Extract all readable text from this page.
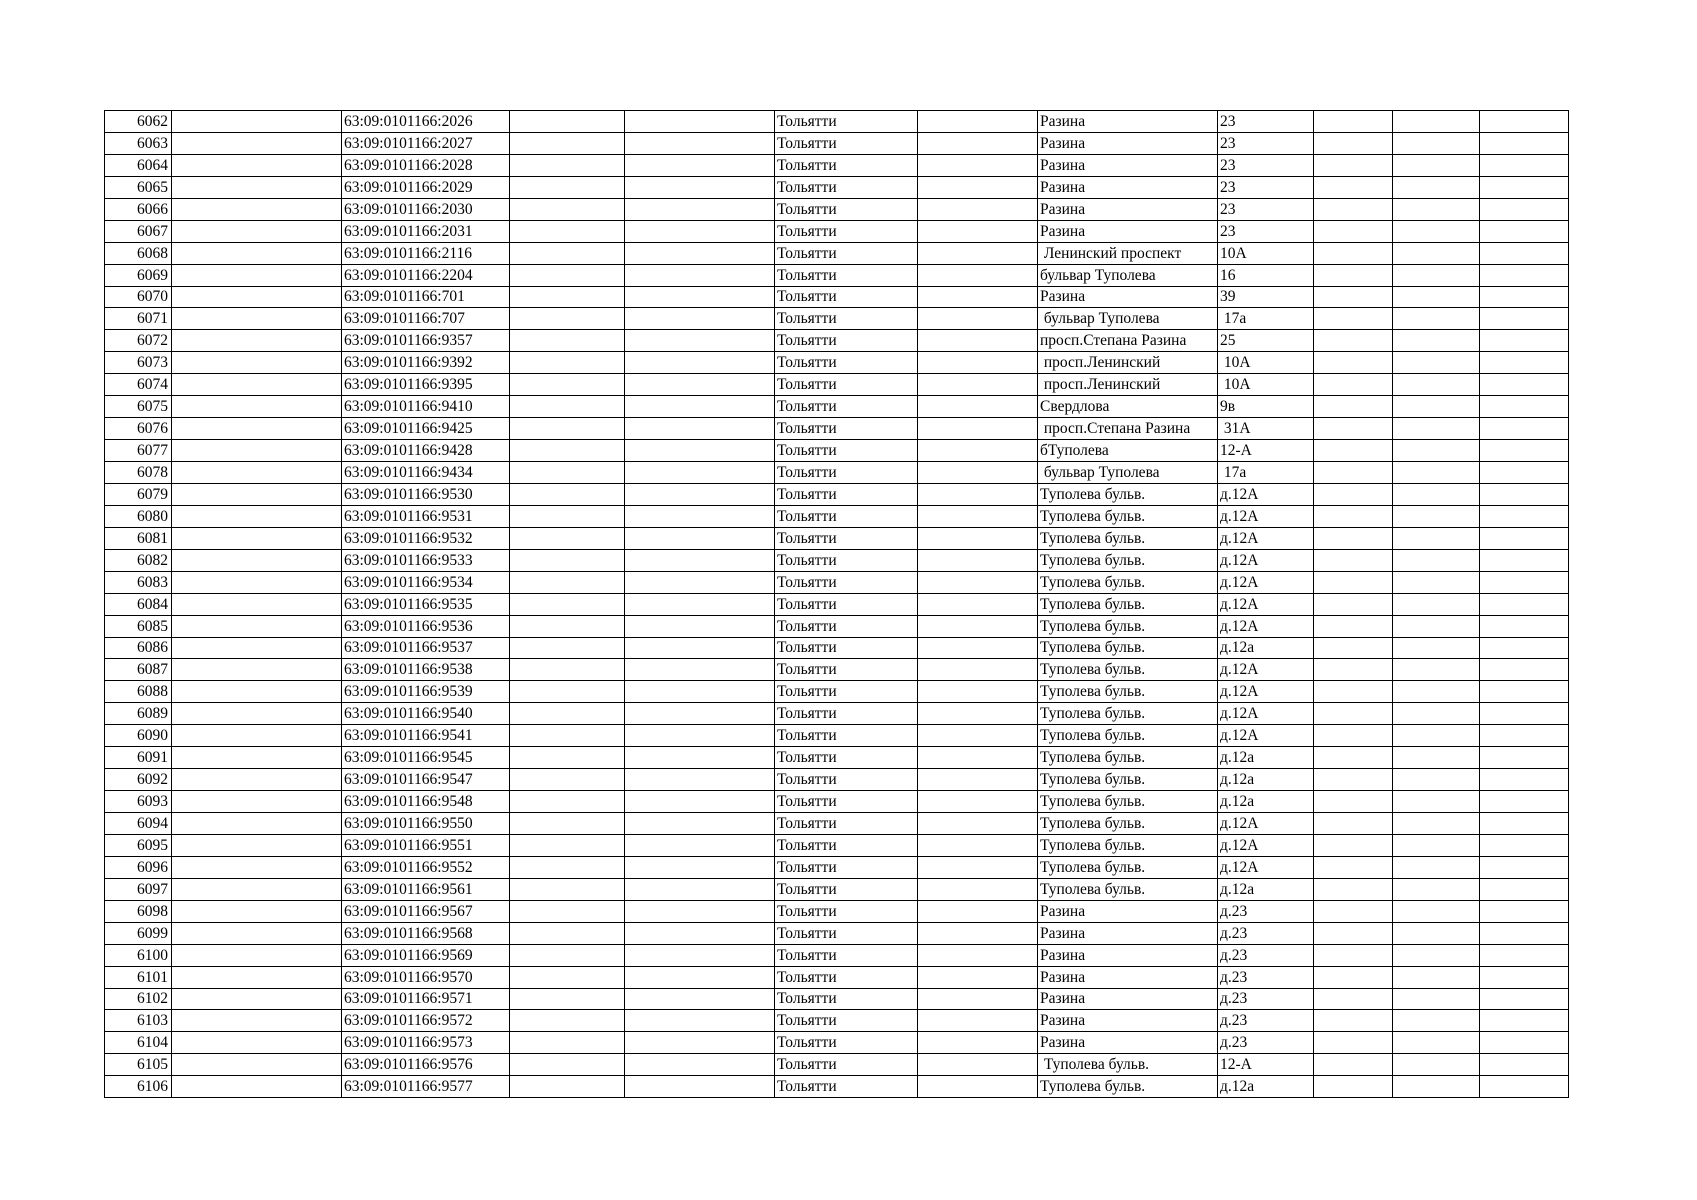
6062		63:09:0101166:2026			Тольятти		Разина	23			
6063		63:09:0101166:2027			Тольятти		Разина	23			
6064		63:09:0101166:2028			Тольятти		Разина	23			
6065		63:09:0101166:2029			Тольятти		Разина	23			
6066		63:09:0101166:2030			Тольятти		Разина	23			
6067		63:09:0101166:2031			Тольятти		Разина	23			
6068		63:09:0101166:2116			Тольятти		Ленинский проспект	10А			
6069		63:09:0101166:2204			Тольятти		бульвар Туполева	16			
6070		63:09:0101166:701			Тольятти		Разина	39			
6071		63:09:0101166:707			Тольятти		бульвар Туполева	17а			
6072		63:09:0101166:9357			Тольятти		просп.Степана Разина	25			
6073		63:09:0101166:9392			Тольятти		просп.Ленинский	10А			
6074		63:09:0101166:9395			Тольятти		просп.Ленинский	10А			
6075		63:09:0101166:9410			Тольятти		Свердлова	9в			
6076		63:09:0101166:9425			Тольятти		просп.Степана Разина	31А			
6077		63:09:0101166:9428			Тольятти		бТуполева	12-А			
6078		63:09:0101166:9434			Тольятти		бульвар Туполева	17а			
6079		63:09:0101166:9530			Тольятти		Туполева бульв.	д.12А			
6080		63:09:0101166:9531			Тольятти		Туполева бульв.	д.12А			
6081		63:09:0101166:9532			Тольятти		Туполева бульв.	д.12А			
6082		63:09:0101166:9533			Тольятти		Туполева бульв.	д.12А			
6083		63:09:0101166:9534			Тольятти		Туполева бульв.	д.12А			
6084		63:09:0101166:9535			Тольятти		Туполева бульв.	д.12А			
6085		63:09:0101166:9536			Тольятти		Туполева бульв.	д.12А			
6086		63:09:0101166:9537			Тольятти		Туполева бульв.	д.12а			
6087		63:09:0101166:9538			Тольятти		Туполева бульв.	д.12А			
6088		63:09:0101166:9539			Тольятти		Туполева бульв.	д.12А			
6089		63:09:0101166:9540			Тольятти		Туполева бульв.	д.12А			
6090		63:09:0101166:9541			Тольятти		Туполева бульв.	д.12А			
6091		63:09:0101166:9545			Тольятти		Туполева бульв.	д.12а			
6092		63:09:0101166:9547			Тольятти		Туполева бульв.	д.12а			
6093		63:09:0101166:9548			Тольятти		Туполева бульв.	д.12а			
6094		63:09:0101166:9550			Тольятти		Туполева бульв.	д.12А			
6095		63:09:0101166:9551			Тольятти		Туполева бульв.	д.12А			
6096		63:09:0101166:9552			Тольятти		Туполева бульв.	д.12А			
6097		63:09:0101166:9561			Тольятти		Туполева бульв.	д.12а			
6098		63:09:0101166:9567			Тольятти		Разина	д.23			
6099		63:09:0101166:9568			Тольятти		Разина	д.23			
6100		63:09:0101166:9569			Тольятти		Разина	д.23			
6101		63:09:0101166:9570			Тольятти		Разина	д.23			
6102		63:09:0101166:9571			Тольятти		Разина	д.23			
6103		63:09:0101166:9572			Тольятти		Разина	д.23			
6104		63:09:0101166:9573			Тольятти		Разина	д.23			
6105		63:09:0101166:9576			Тольятти		Туполева бульв.	12-А			
6106		63:09:0101166:9577			Тольятти		Туполева бульв.	д.12а			
